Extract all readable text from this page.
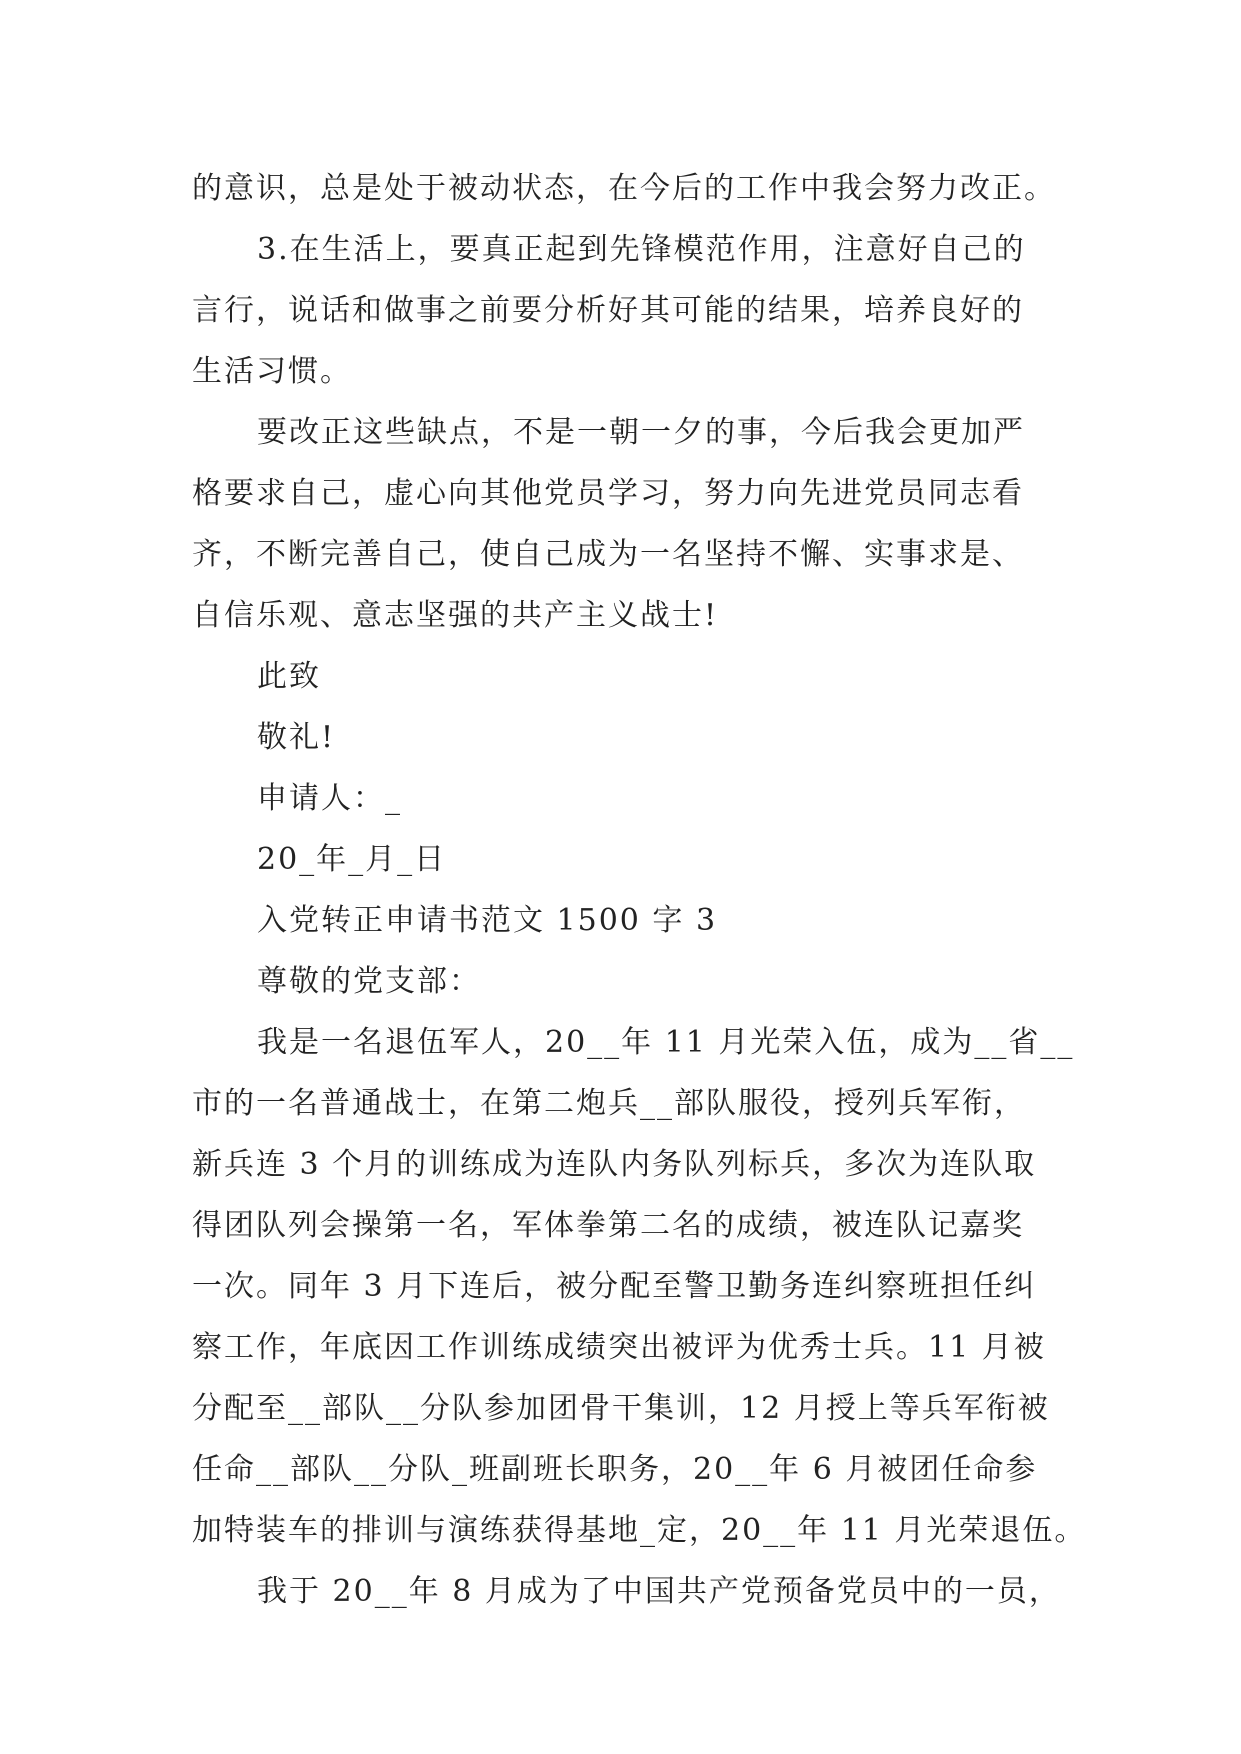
的意识，总是处于被动状态，在今后的工作中我会努力改正。
3.在生活上，要真正起到先锋模范作用，注意好自己的
言行，说话和做事之前要分析好其可能的结果，培养良好的
生活习惯。
要改正这些缺点，不是一朝一夕的事，今后我会更加严
格要求自己，虚心向其他党员学习，努力向先进党员同志看
齐，不断完善自己，使自己成为一名坚持不懈、实事求是、
自信乐观、意志坚强的共产主义战士!
此致
敬礼!
申请人：_
20_年_月_日
入党转正申请书范文 1500 字 3
尊敬的党支部：
我是一名退伍军人，20__年 11 月光荣入伍，成为__省__
市的一名普通战士，在第二炮兵__部队服役，授列兵军衔，
新兵连 3 个月的训练成为连队内务队列标兵，多次为连队取
得团队列会操第一名，军体拳第二名的成绩，被连队记嘉奖
一次。同年 3 月下连后，被分配至警卫勤务连纠察班担任纠
察工作，年底因工作训练成绩突出被评为优秀士兵。11 月被
分配至__部队__分队参加团骨干集训，12 月授上等兵军衔被
任命__部队__分队_班副班长职务，20__年 6 月被团任命参
加特装车的排训与演练获得基地_定，20__年 11 月光荣退伍。
我于 20__年 8 月成为了中国共产党预备党员中的一员，
